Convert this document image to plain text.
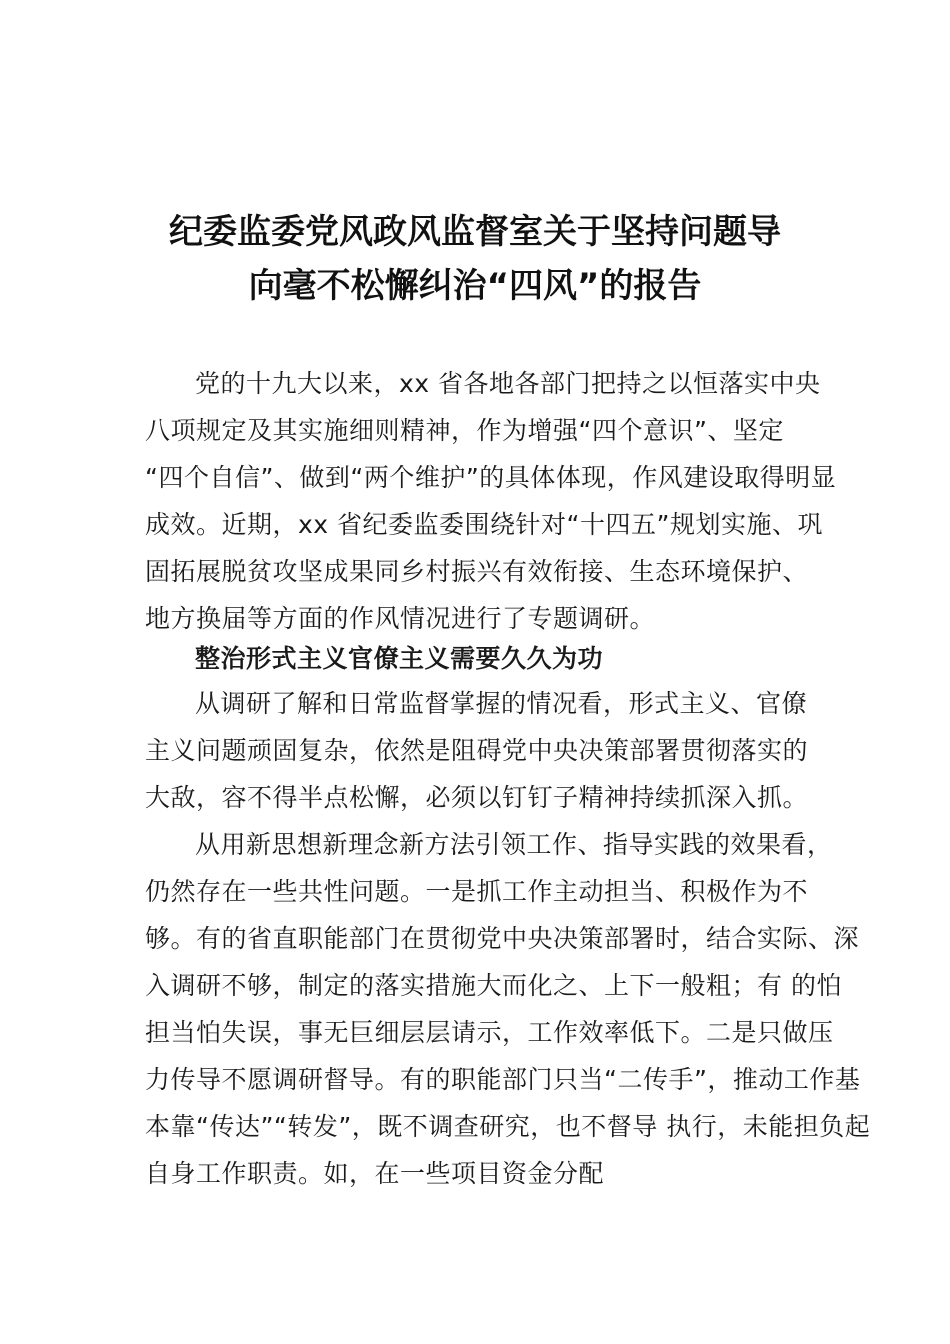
纪委监委党风政风监督室关于坚持问题导
向毫不松懈纠治“四风”的报告
党的十九大以来，xx 省各地各部门把持之以恒落实中央
八项规定及其实施细则精神，作为增强“四个意识”、坚定
“四个自信”、做到“两个维护”的具体体现，作风建设取得明显
成效。近期，xx 省纪委监委围绕针对“十四五”规划实施、巩
固拓展脱贫攻坚成果同乡村振兴有效衔接、生态环境保护、
地方换届等方面的作风情况进行了专题调研。
整治形式主义官僚主义需要久久为功
从调研了解和日常监督掌握的情况看，形式主义、官僚
主义问题顽固复杂，依然是阻碍党中央决策部署贯彻落实的
大敌，容不得半点松懈，必须以钉钉子精神持续抓深入抓。
从用新思想新理念新方法引领工作、指导实践的效果看，
仍然存在一些共性问题。一是抓工作主动担当、积极作为不
够。有的省直职能部门在贯彻党中央决策部署时，结合实际、深
入调研不够，制定的落实措施大而化之、上下一般粗；有 的怕
担当怕失误，事无巨细层层请示，工作效率低下。二是只做压
力传导不愿调研督导。有的职能部门只当“二传手”，推动工作基
本靠“传达”“转发”，既不调查研究，也不督导 执行，未能担负起
自身工作职责。如，在一些项目资金分配
